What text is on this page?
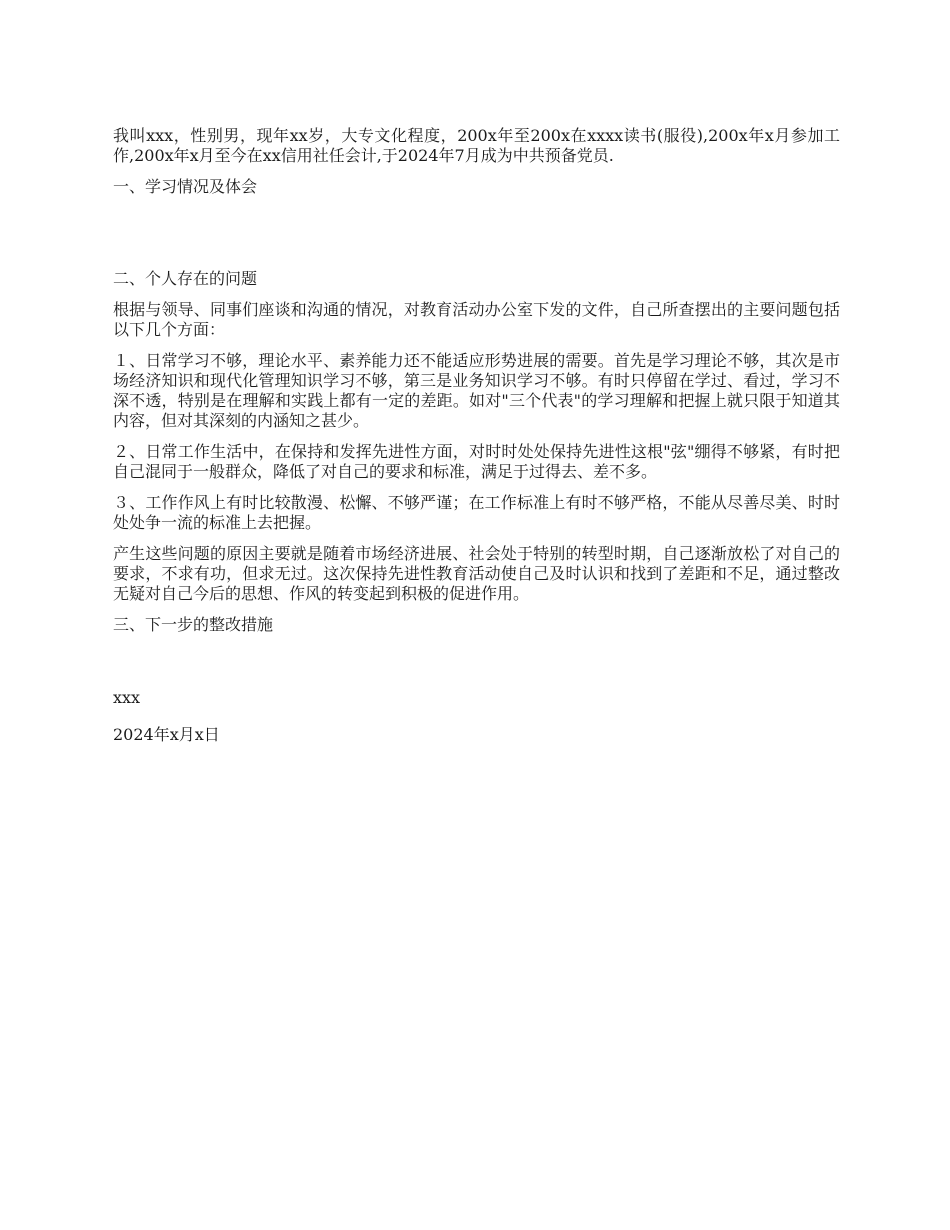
我叫xxx，性别男，现年xx岁，大专文化程度，200x年至200x在xxxx读书(服役),200x年x月参加工作,200x年x月至今在xx信用社任会计,于2024年7月成为中共预备党员.

一、学习情况及体会

二、个人存在的问题

根据与领导、同事们座谈和沟通的情况，对教育活动办公室下发的文件，自己所查摆出的主要问题包括以下几个方面：

１、日常学习不够，理论水平、素养能力还不能适应形势进展的需要。首先是学习理论不够，其次是市场经济知识和现代化管理知识学习不够，第三是业务知识学习不够。有时只停留在学过、看过，学习不深不透，特别是在理解和实践上都有一定的差距。如对"三个代表"的学习理解和把握上就只限于知道其内容，但对其深刻的内涵知之甚少。

２、日常工作生活中，在保持和发挥先进性方面，对时时处处保持先进性这根"弦"绷得不够紧，有时把自己混同于一般群众，降低了对自己的要求和标准，满足于过得去、差不多。

３、工作作风上有时比较散漫、松懈、不够严谨；在工作标准上有时不够严格，不能从尽善尽美、时时处处争一流的标准上去把握。

产生这些问题的原因主要就是随着市场经济进展、社会处于特别的转型时期，自己逐渐放松了对自己的要求，不求有功，但求无过。这次保持先进性教育活动使自己及时认识和找到了差距和不足，通过整改无疑对自己今后的思想、作风的转变起到积极的促进作用。

三、下一步的整改措施

xxx

2024年x月x日
